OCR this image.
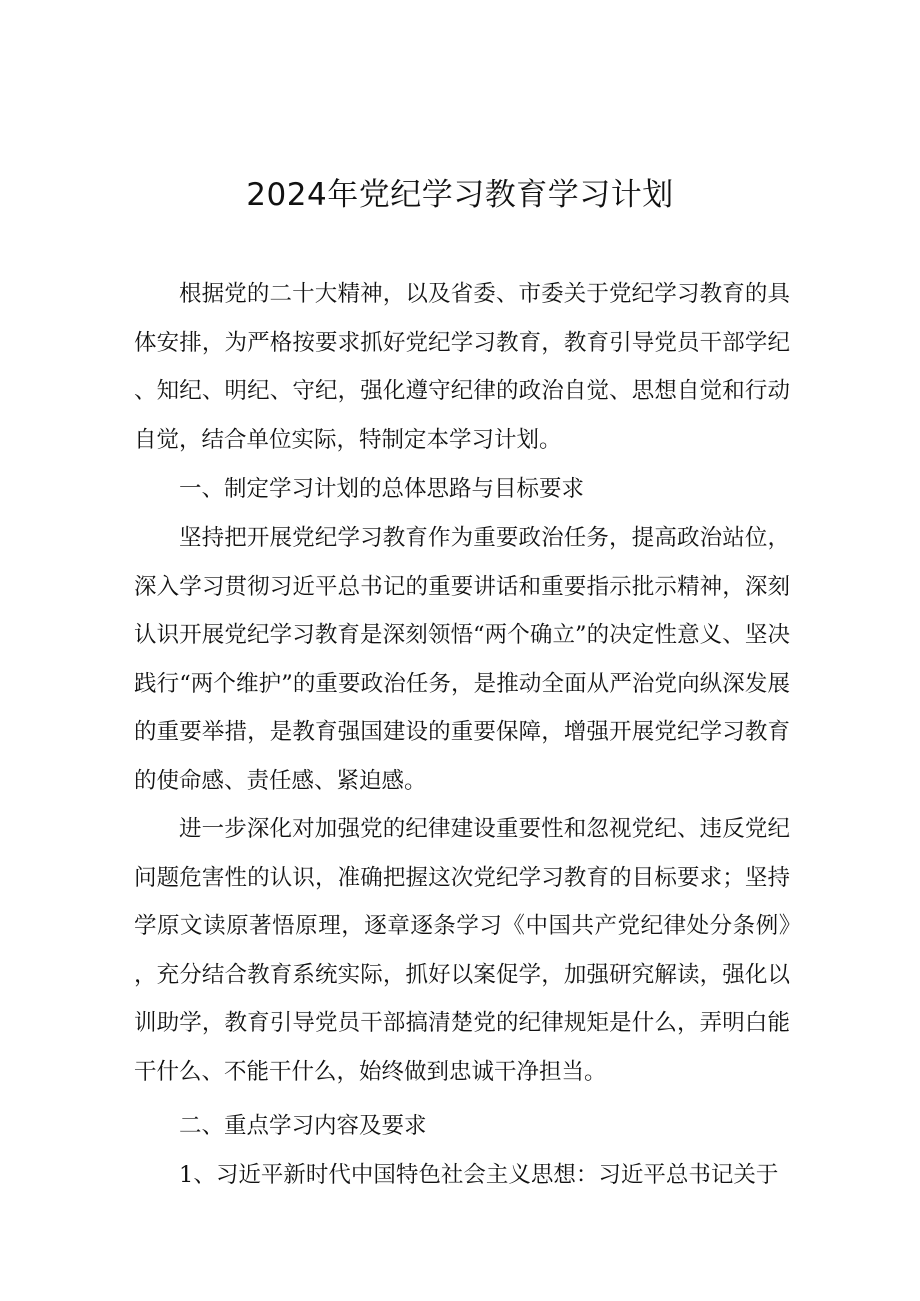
2024年党纪学习教育学习计划

根据党的二十大精神，以及省委、市委关于党纪学习教育的具体安排，为严格按要求抓好党纪学习教育，教育引导党员干部学纪、知纪、明纪、守纪，强化遵守纪律的政治自觉、思想自觉和行动自觉，结合单位实际，特制定本学习计划。

一、制定学习计划的总体思路与目标要求

坚持把开展党纪学习教育作为重要政治任务，提高政治站位，深入学习贯彻习近平总书记的重要讲话和重要指示批示精神，深刻认识开展党纪学习教育是深刻领悟“两个确立”的决定性意义、坚决践行“两个维护”的重要政治任务，是推动全面从严治党向纵深发展的重要举措，是教育强国建设的重要保障，增强开展党纪学习教育的使命感、责任感、紧迫感。

进一步深化对加强党的纪律建设重要性和忽视党纪、违反党纪问题危害性的认识，准确把握这次党纪学习教育的目标要求；坚持学原文读原著悟原理，逐章逐条学习《中国共产党纪律处分条例》，充分结合教育系统实际，抓好以案促学，加强研究解读，强化以训助学，教育引导党员干部搞清楚党的纪律规矩是什么，弄明白能干什么、不能干什么，始终做到忠诚干净担当。

二、重点学习内容及要求

1、习近平新时代中国特色社会主义思想：习近平总书记关于
